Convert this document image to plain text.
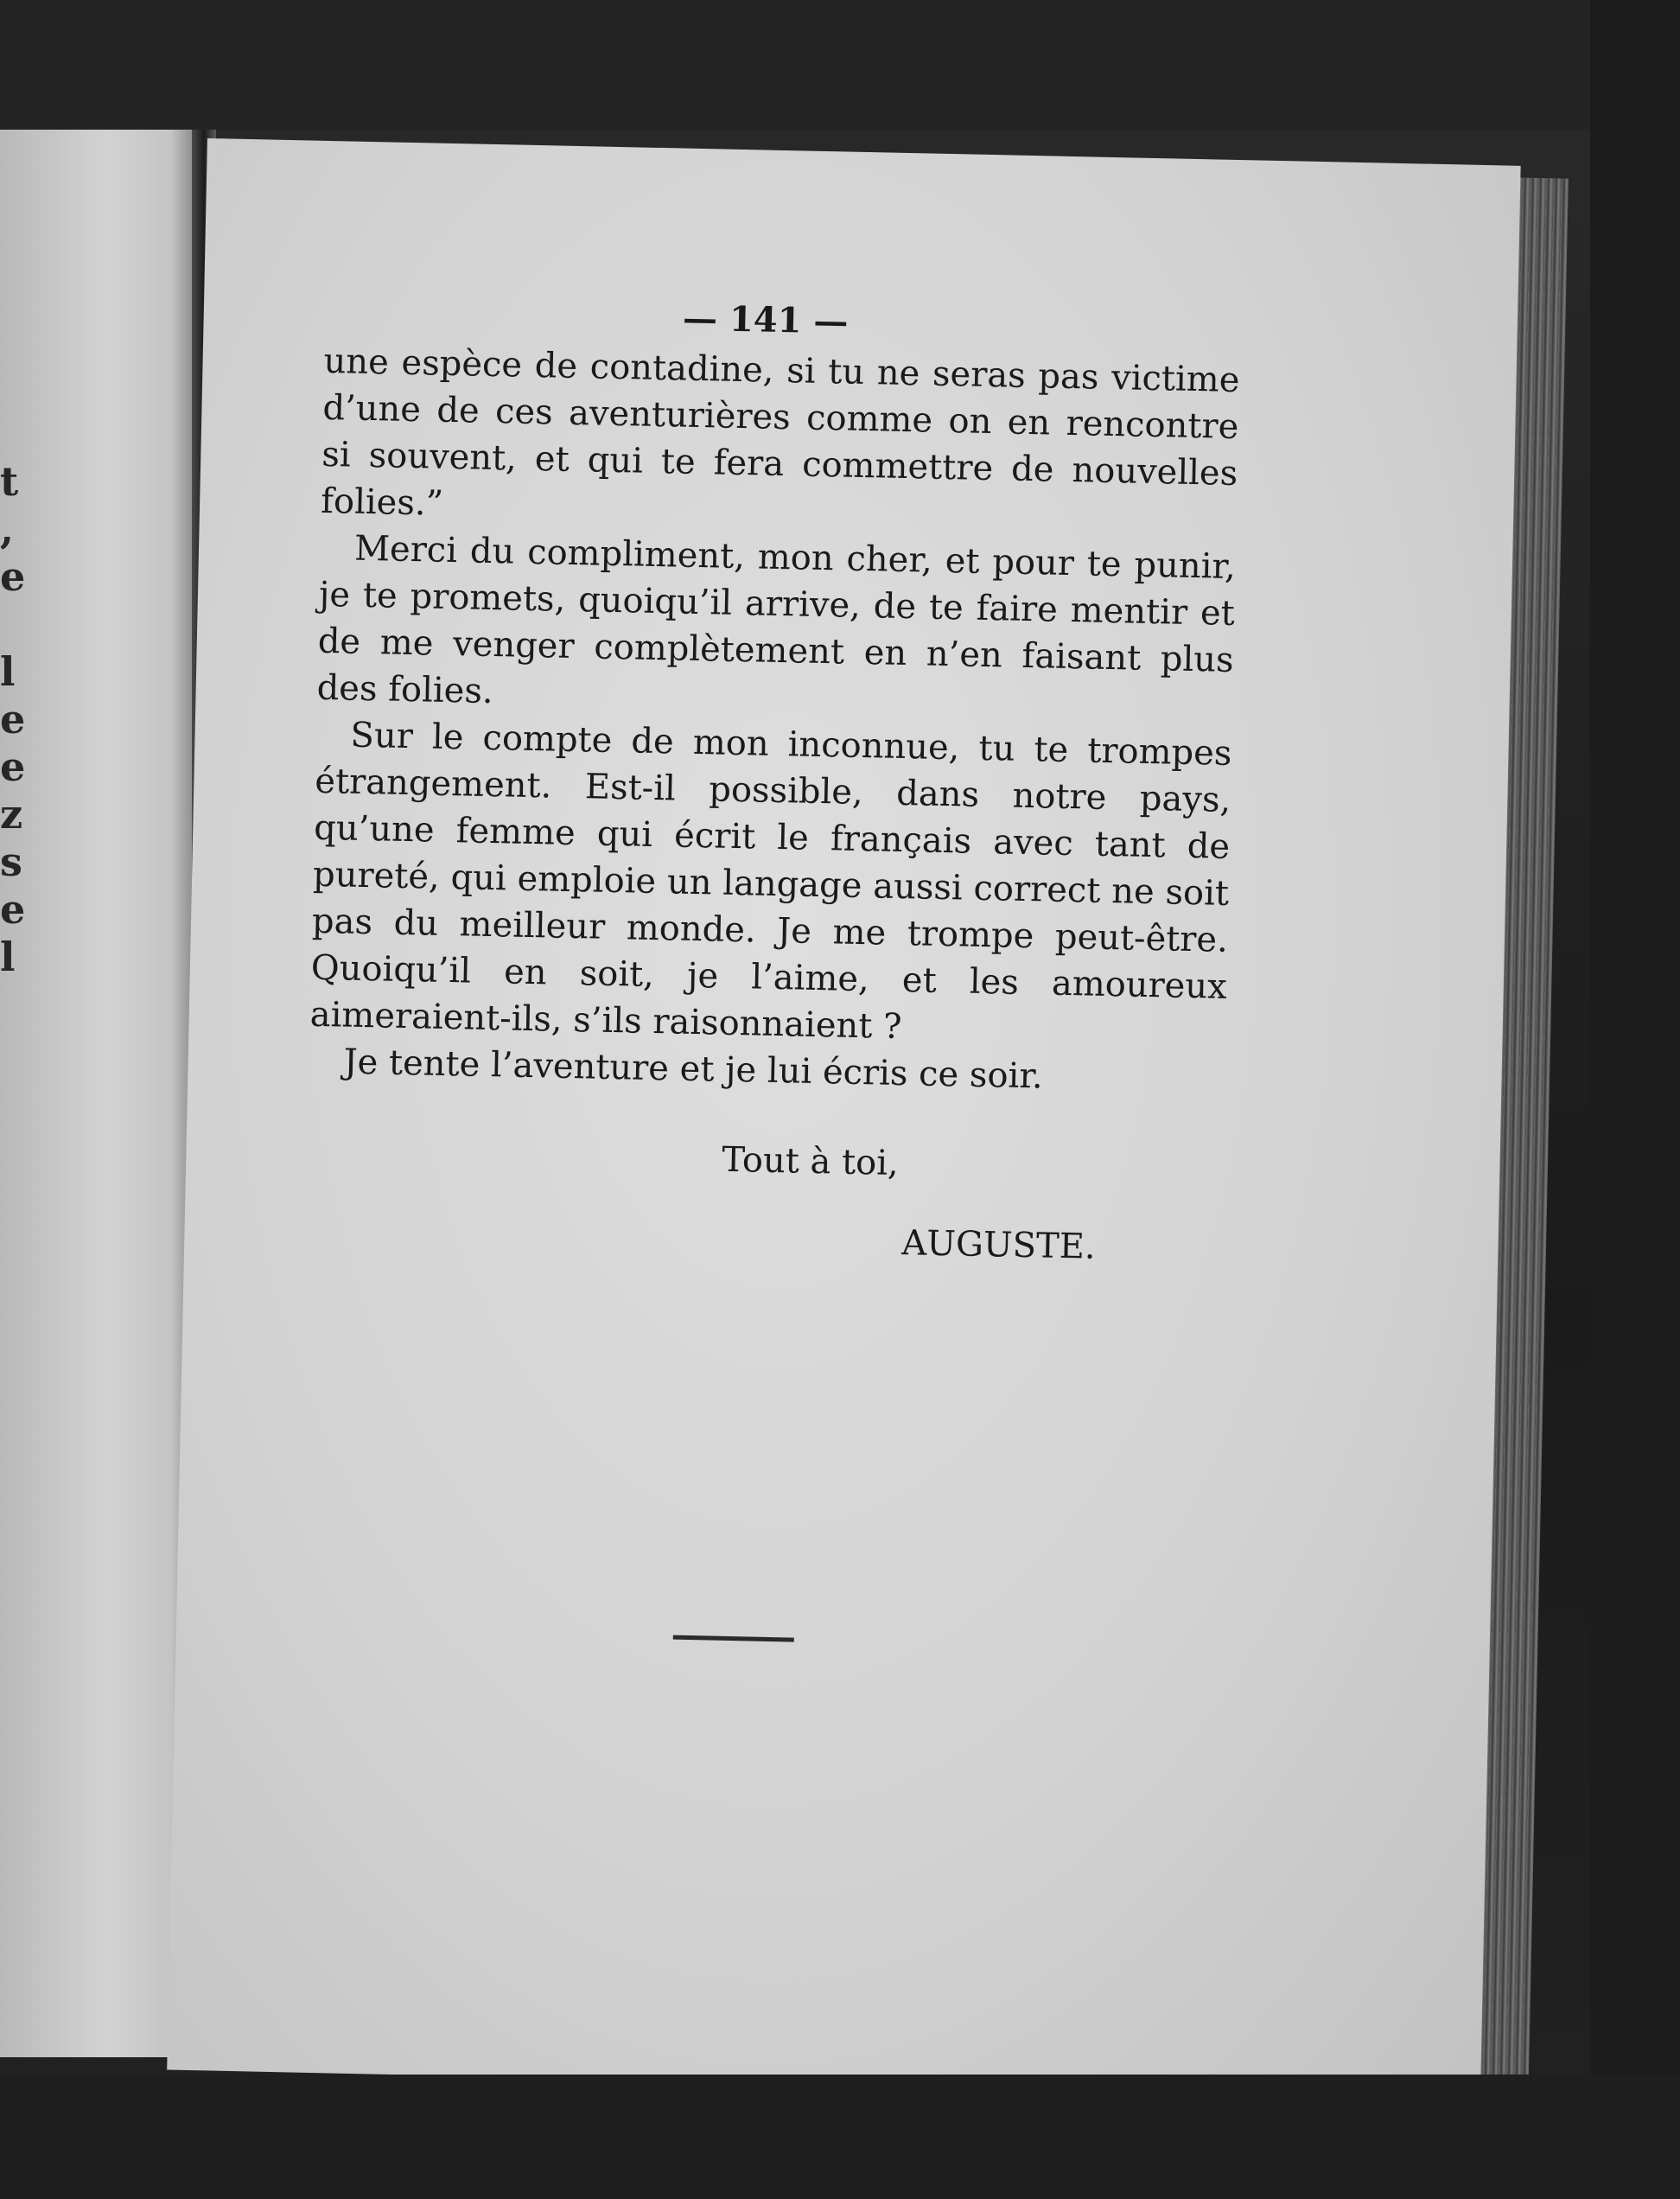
t
,
e
l
e
e
z
s
e
l
— 141 —

une espèce de contadine, si tu ne seras pas victime d’une de ces aventurières comme on en rencontre si souvent, et qui te fera commettre de nouvelles folies.”

Merci du compliment, mon cher, et pour te punir, je te promets, quoiqu’il arrive, de te faire mentir et de me venger complètement en n’en faisant plus des folies.

Sur le compte de mon inconnue, tu te trompes étrangement. Est-il possible, dans notre pays, qu’une femme qui écrit le français avec tant de pureté, qui emploie un langage aussi correct ne soit pas du meilleur monde. Je me trompe peut-être. Quoiqu’il en soit, je l’aime, et les amoureux aimeraient-ils, s’ils raisonnaient ?

Je tente l’aventure et je lui écris ce soir.

Tout à toi,
AUGUSTE.
